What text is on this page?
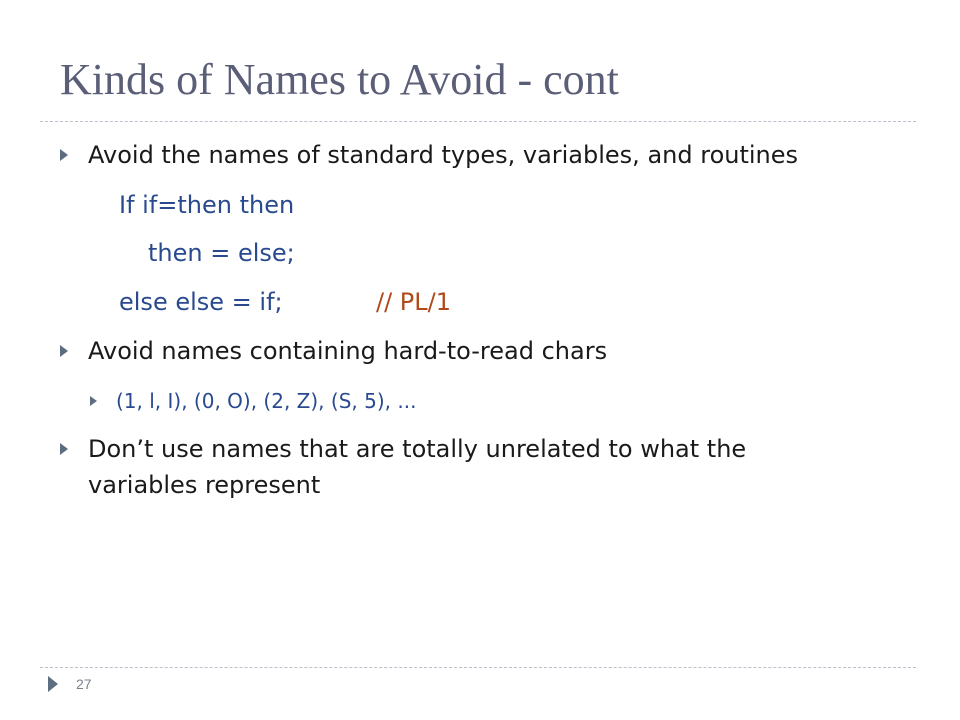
Kinds of Names to Avoid - cont
Avoid the names of standard types, variables, and routines
If if=then then
then = else;
else else = if;	// PL/1
Avoid names containing hard-to-read chars
(1, l, I), (0, O), (2, Z), (S, 5), ...
Don’t use names that are totally unrelated to what the
variables represent
27
